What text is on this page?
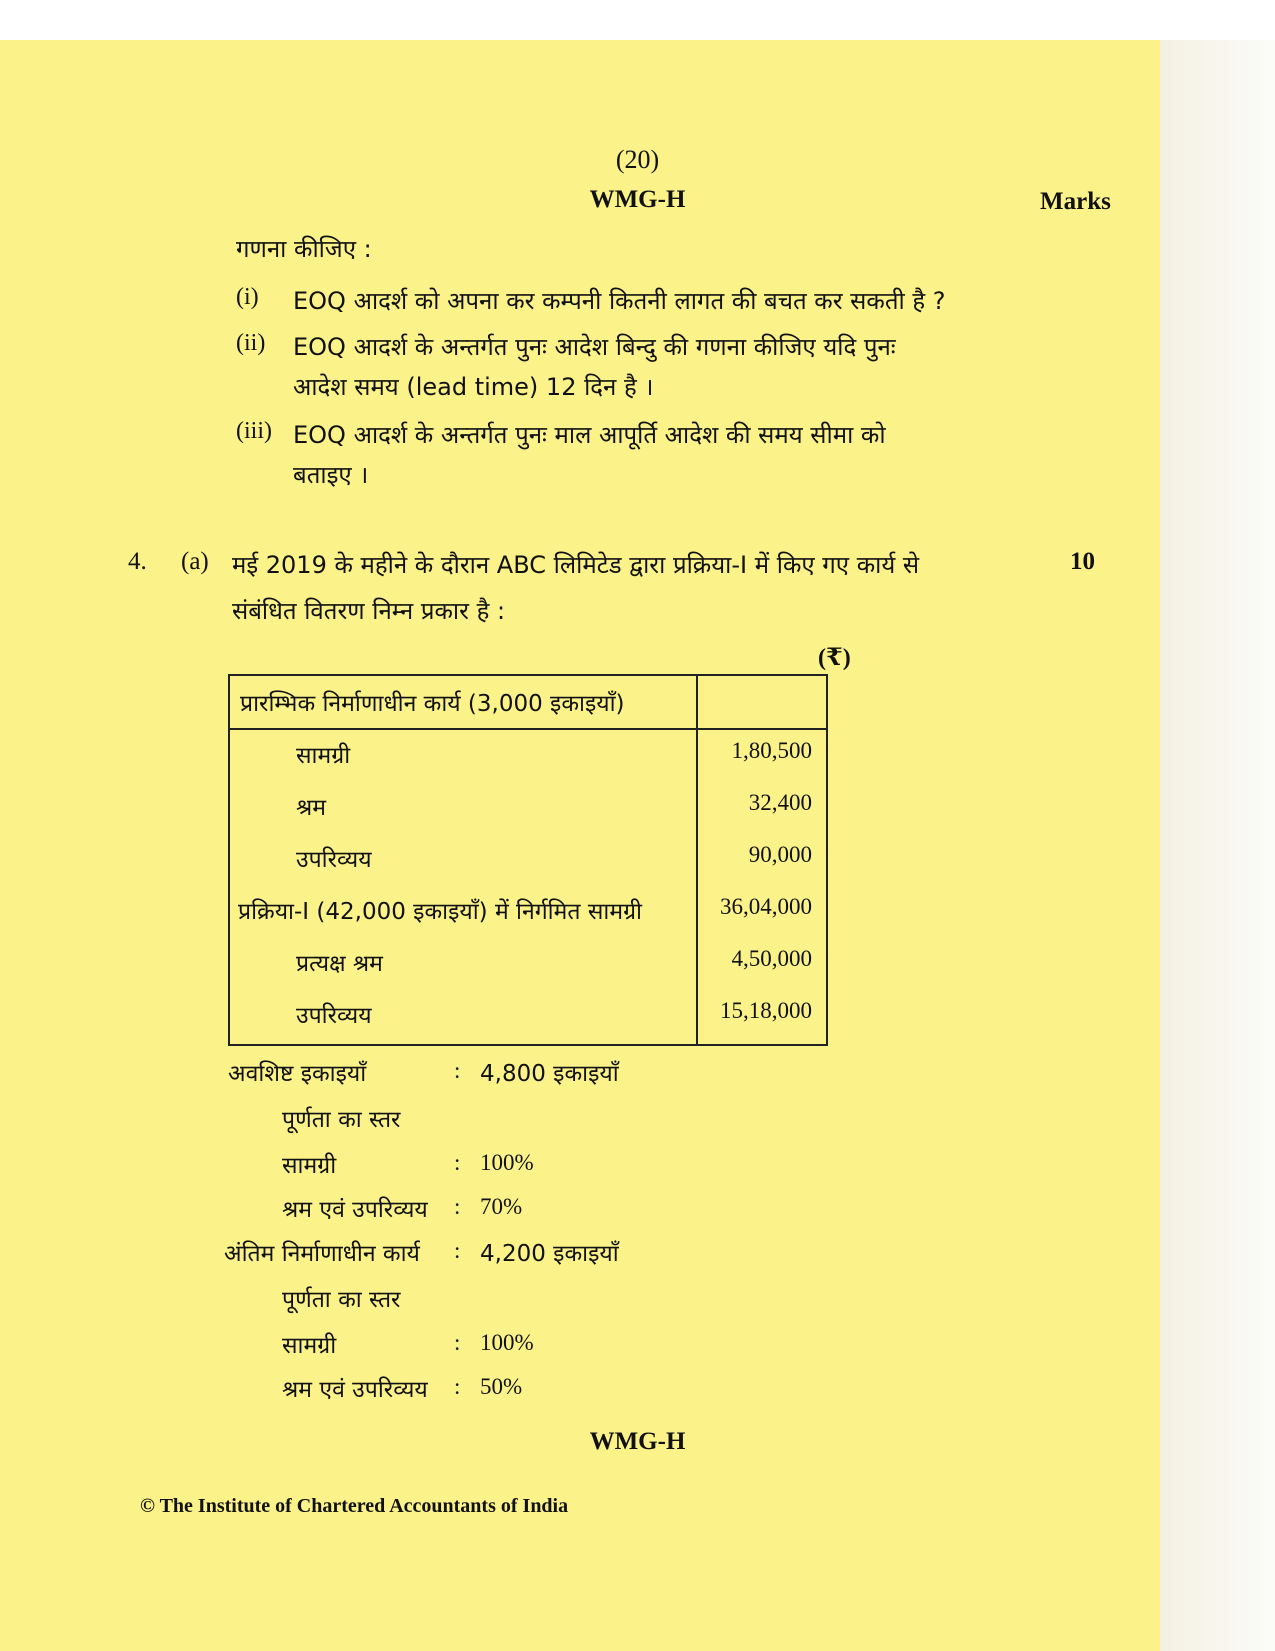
(20)
WMG-H	Marks
गणना कीजिए :
(i) EOQ आदर्श को अपना कर कम्पनी कितनी लागत की बचत कर सकती है ?
(ii) EOQ आदर्श के अन्तर्गत पुनः आदेश बिन्दु की गणना कीजिए यदि पुनः
आदेश समय (lead time) 12 दिन है ।
(iii) EOQ आदर्श के अन्तर्गत पुनः माल आपूर्ति आदेश की समय सीमा को
बताइए ।
4. (a) मई 2019 के महीने के दौरान ABC लिमिटेड द्वारा प्रक्रिया-I में किए गए कार्य से
संबंधित वितरण निम्न प्रकार है :
10
(₹)
प्रारम्भिक निर्माणाधीन कार्य (3,000 इकाइयाँ)
सामग्री	1,80,500
श्रम	32,400
उपरिव्यय	90,000
प्रक्रिया-I (42,000 इकाइयाँ) में निर्गमित सामग्री	36,04,000
प्रत्यक्ष श्रम	4,50,000
उपरिव्यय	15,18,000
अवशिष्ट इकाइयाँ	: 4,800 इकाइयाँ
पूर्णता का स्तर
सामग्री	: 100%
श्रम एवं उपरिव्यय : 70%
अंतिम निर्माणाधीन कार्य : 4,200 इकाइयाँ
पूर्णता का स्तर
सामग्री	: 100%
श्रम एवं उपरिव्यय : 50%
WMG-H
© The Institute of Chartered Accountants of India
